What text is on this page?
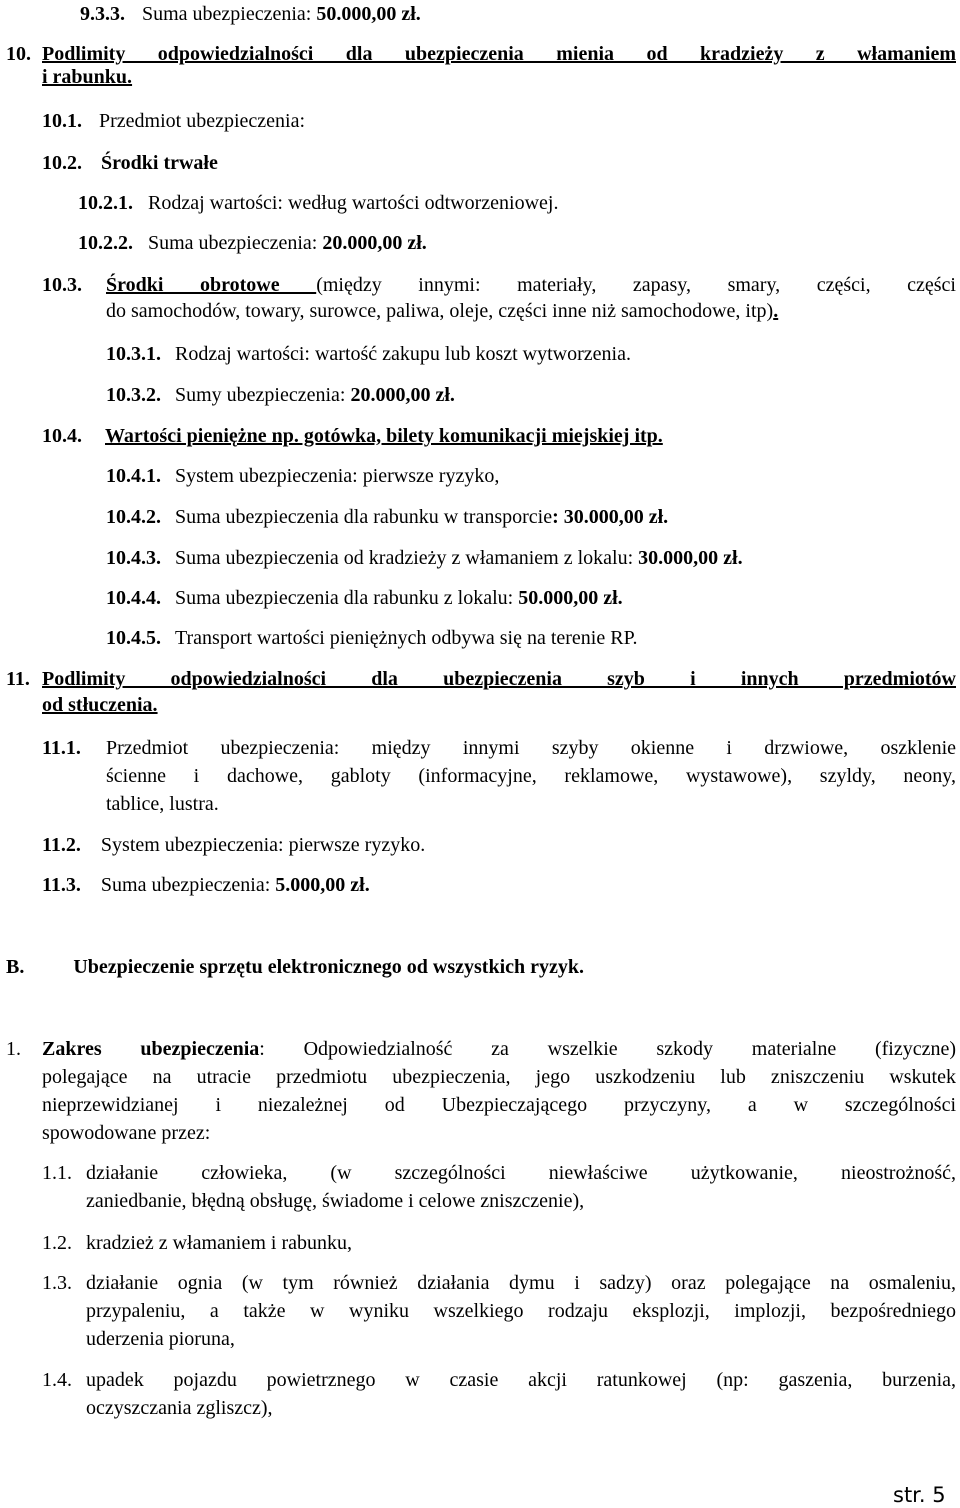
9.3.3. Suma ubezpieczenia: 50.000,00 zł.
10. Podlimity odpowiedzialności dla ubezpieczenia mienia od kradzieży z włamaniem
i rabunku.
10.1. Przedmiot ubezpieczenia:
10.2. Środki trwałe
10.2.1. Rodzaj wartości: według wartości odtworzeniowej.
10.2.2. Suma ubezpieczenia: 20.000,00 zł.
10.3. Środki obrotowe (między innymi: materiały, zapasy, smary, części, części
do samochodów, towary, surowce, paliwa, oleje, części inne niż samochodowe, itp).
10.3.1. Rodzaj wartości: wartość zakupu lub koszt wytworzenia.
10.3.2. Sumy ubezpieczenia: 20.000,00 zł.
10.4. Wartości pieniężne np. gotówka, bilety komunikacji miejskiej itp.
10.4.1. System ubezpieczenia: pierwsze ryzyko,
10.4.2. Suma ubezpieczenia dla rabunku w transporcie: 30.000,00 zł.
10.4.3. Suma ubezpieczenia od kradzieży z włamaniem z lokalu: 30.000,00 zł.
10.4.4. Suma ubezpieczenia dla rabunku z lokalu: 50.000,00 zł.
10.4.5. Transport wartości pieniężnych odbywa się na terenie RP.
11. Podlimity odpowiedzialności dla ubezpieczenia szyb i innych przedmiotów
od stłuczenia.
11.1. Przedmiot ubezpieczenia: między innymi szyby okienne i drzwiowe, oszklenie
ścienne i dachowe, gabloty (informacyjne, reklamowe, wystawowe), szyldy, neony,
tablice, lustra.
11.2. System ubezpieczenia: pierwsze ryzyko.
11.3. Suma ubezpieczenia: 5.000,00 zł.
B. Ubezpieczenie sprzętu elektronicznego od wszystkich ryzyk.
1. Zakres ubezpieczenia: Odpowiedzialność za wszelkie szkody materialne (fizyczne)
polegające na utracie przedmiotu ubezpieczenia, jego uszkodzeniu lub zniszczeniu wskutek
nieprzewidzianej i niezależnej od Ubezpieczającego przyczyny, a w szczególności
spowodowane przez:
1.1. działanie człowieka, (w szczególności niewłaściwe użytkowanie, nieostrożność,
zaniedbanie, błędną obsługę, świadome i celowe zniszczenie),
1.2. kradzież z włamaniem i rabunku,
1.3. działanie ognia (w tym również działania dymu i sadzy) oraz polegające na osmaleniu,
przypaleniu, a także w wyniku wszelkiego rodzaju eksplozji, implozji, bezpośredniego
uderzenia pioruna,
1.4. upadek pojazdu powietrznego w czasie akcji ratunkowej (np: gaszenia, burzenia,
oczyszczania zgliszcz),
str. 5
